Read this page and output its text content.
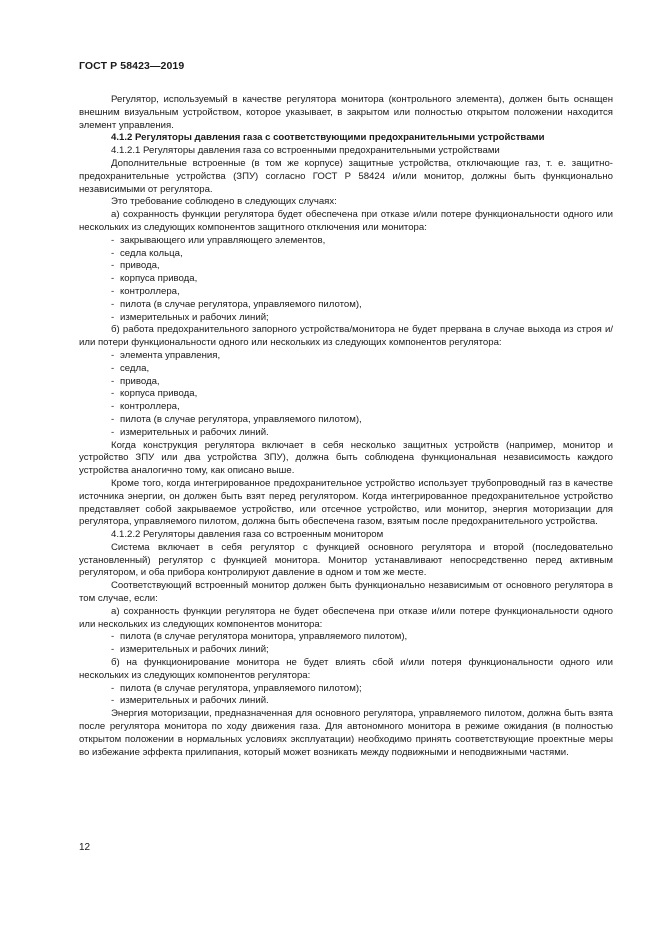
ГОСТ Р 58423—2019
Регулятор, используемый в качестве регулятора монитора (контрольного элемента), должен быть оснащен внешним визуальным устройством, которое указывает, в закрытом или полностью открытом положении находится элемент управления.
4.1.2 Регуляторы давления газа с соответствующими предохранительными устройствами
4.1.2.1 Регуляторы давления газа со встроенными предохранительными устройствами
Дополнительные встроенные (в том же корпусе) защитные устройства, отключающие газ, т. е. защитно-предохранительные устройства (ЗПУ) согласно ГОСТ Р 58424 и/или монитор, должны быть функционально независимыми от регулятора.
Это требование соблюдено в следующих случаях:
а) сохранность функции регулятора будет обеспечена при отказе и/или потере функциональности одного или нескольких из следующих компонентов защитного отключения или монитора:
- закрывающего или управляющего элементов,
- седла кольца,
- привода,
- корпуса привода,
- контроллера,
- пилота (в случае регулятора, управляемого пилотом),
- измерительных и рабочих линий;
б) работа предохранительного запорного устройства/монитора не будет прервана в случае выхода из строя и/или потери функциональности одного или нескольких из следующих компонентов регулятора:
- элемента управления,
- седла,
- привода,
- корпуса привода,
- контроллера,
- пилота (в случае регулятора, управляемого пилотом),
- измерительных и рабочих линий.
Когда конструкция регулятора включает в себя несколько защитных устройств (например, монитор и устройство ЗПУ или два устройства ЗПУ), должна быть соблюдена функциональная независимость каждого устройства аналогично тому, как описано выше.
Кроме того, когда интегрированное предохранительное устройство использует трубопроводный газ в качестве источника энергии, он должен быть взят перед регулятором. Когда интегрированное предохранительное устройство представляет собой закрываемое устройство, или отсечное устройство, или монитор, энергия моторизации для регулятора, управляемого пилотом, должна быть обеспечена газом, взятым после предохранительного устройства.
4.1.2.2 Регуляторы давления газа со встроенным монитором
Система включает в себя регулятор с функцией основного регулятора и второй (последовательно установленный) регулятор с функцией монитора. Монитор устанавливают непосредственно перед активным регулятором, и оба прибора контролируют давление в одном и том же месте.
Соответствующий встроенный монитор должен быть функционально независимым от основного регулятора в том случае, если:
а) сохранность функции регулятора не будет обеспечена при отказе и/или потере функциональности одного или нескольких из следующих компонентов монитора:
- пилота (в случае регулятора монитора, управляемого пилотом),
- измерительных и рабочих линий;
б) на функционирование монитора не будет влиять сбой и/или потеря функциональности одного или нескольких из следующих компонентов регулятора:
- пилота (в случае регулятора, управляемого пилотом);
- измерительных и рабочих линий.
Энергия моторизации, предназначенная для основного регулятора, управляемого пилотом, должна быть взята после регулятора монитора по ходу движения газа. Для автономного монитора в режиме ожидания (в полностью открытом положении в нормальных условиях эксплуатации) необходимо принять соответствующие проектные меры во избежание эффекта прилипания, который может возникать между подвижными и неподвижными частями.
12
